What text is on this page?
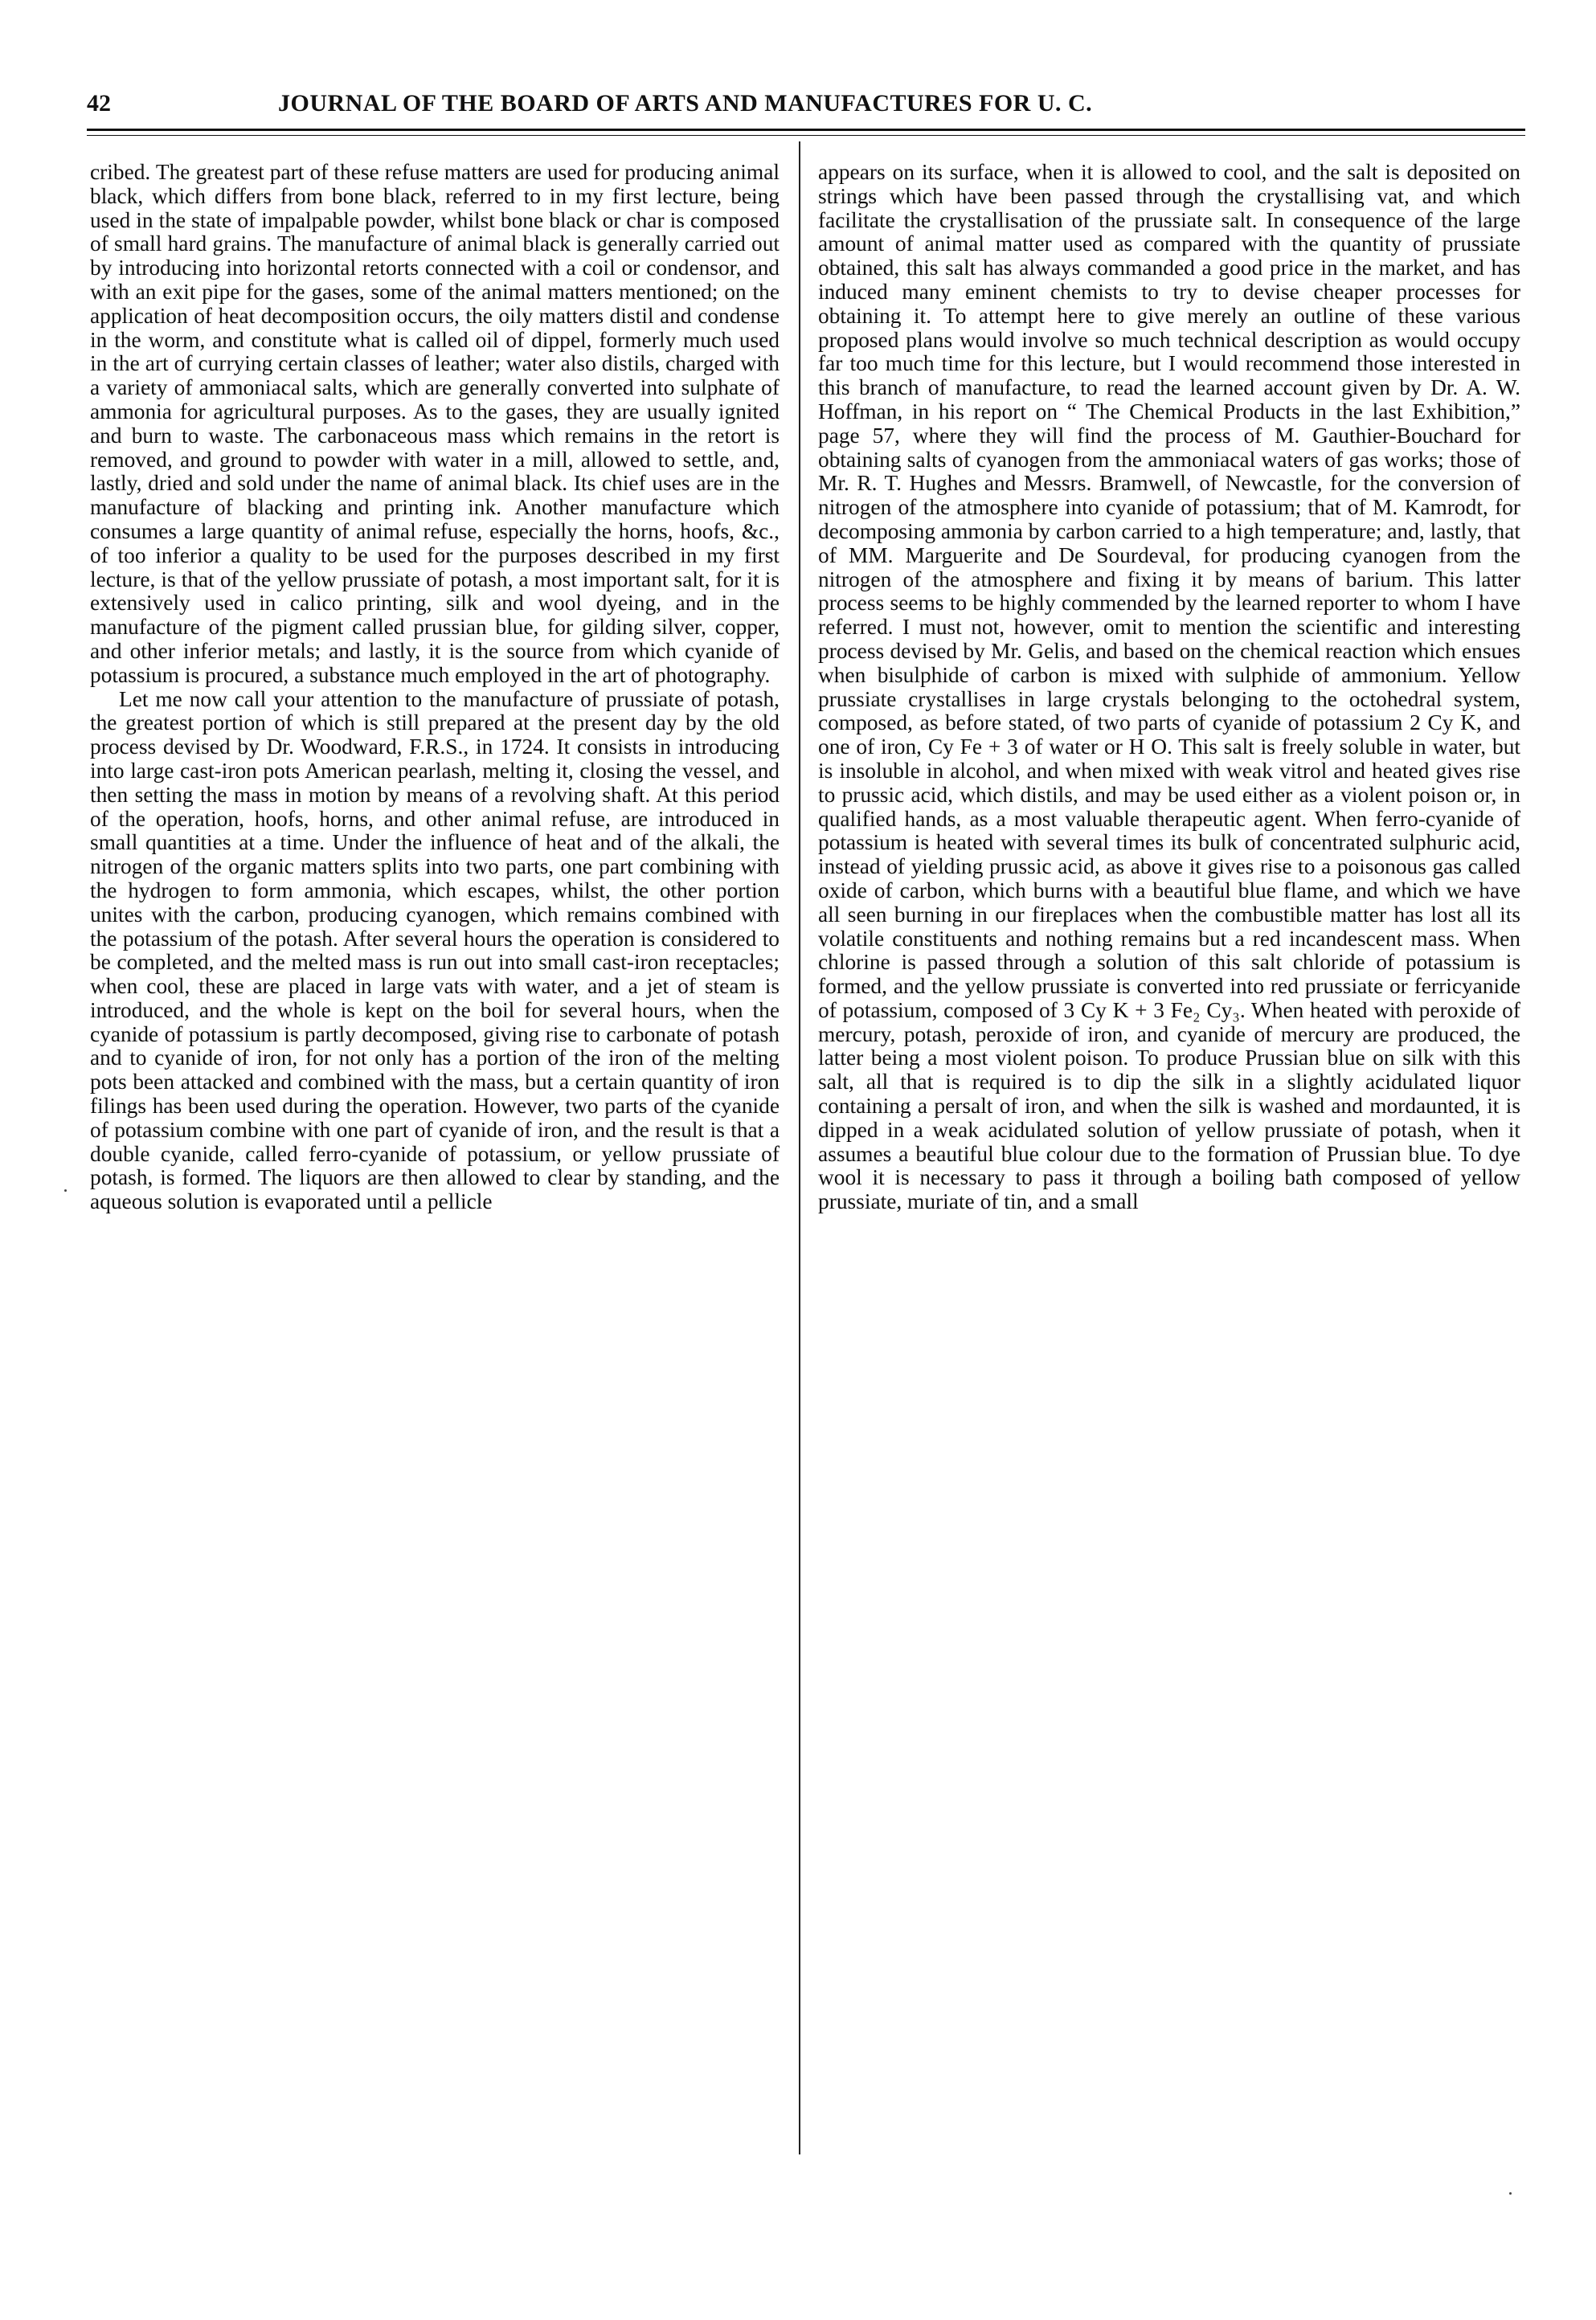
42	JOURNAL OF THE BOARD OF ARTS AND MANUFACTURES FOR U. C.

cribed. The greatest part of these refuse matters are used for producing animal black, which differs from bone black, referred to in my first lecture, being used in the state of impalpable powder, whilst bone black or char is composed of small hard grains. The manufacture of animal black is generally carried out by introducing into horizontal retorts connected with a coil or condensor, and with an exit pipe for the gases, some of the animal matters mentioned; on the application of heat decomposition occurs, the oily matters distil and condense in the worm, and constitute what is called oil of dippel, formerly much used in the art of currying certain classes of leather; water also distils, charged with a variety of ammoniacal salts, which are generally converted into sulphate of ammonia for agricultural purposes. As to the gases, they are usually ignited and burn to waste. The carbonaceous mass which remains in the retort is removed, and ground to powder with water in a mill, allowed to settle, and, lastly, dried and sold under the name of animal black. Its chief uses are in the manufacture of blacking and printing ink. Another manufacture which consumes a large quantity of animal refuse, especially the horns, hoofs, &c., of too inferior a quality to be used for the purposes described in my first lecture, is that of the yellow prussiate of potash, a most important salt, for it is extensively used in calico printing, silk and wool dyeing, and in the manufacture of the pigment called prussian blue, for gilding silver, copper, and other inferior metals; and lastly, it is the source from which cyanide of potassium is procured, a substance much employed in the art of photography.

Let me now call your attention to the manufacture of prussiate of potash, the greatest portion of which is still prepared at the present day by the old process devised by Dr. Woodward, F.R.S., in 1724. It consists in introducing into large cast-iron pots American pearlash, melting it, closing the vessel, and then setting the mass in motion by means of a revolving shaft. At this period of the operation, hoofs, horns, and other animal refuse, are introduced in small quantities at a time. Under the influence of heat and of the alkali, the nitrogen of the organic matters splits into two parts, one part combining with the hydrogen to form ammonia, which escapes, whilst, the other portion unites with the carbon, producing cyanogen, which remains combined with the potassium of the potash. After several hours the operation is considered to be completed, and the melted mass is run out into small cast-iron receptacles; when cool, these are placed in large vats with water, and a jet of steam is introduced, and the whole is kept on the boil for several hours, when the cyanide of potassium is partly decomposed, giving rise to carbonate of potash and to cyanide of iron, for not only has a portion of the iron of the melting pots been attacked and combined with the mass, but a certain quantity of iron filings has been used during the operation. However, two parts of the cyanide of potassium combine with one part of cyanide of iron, and the result is that a double cyanide, called ferro-cyanide of potassium, or yellow prussiate of potash, is formed. The liquors are then allowed to clear by standing, and the aqueous solution is evaporated until a pellicle

appears on its surface, when it is allowed to cool, and the salt is deposited on strings which have been passed through the crystallising vat, and which facilitate the crystallisation of the prussiate salt. In consequence of the large amount of animal matter used as compared with the quantity of prussiate obtained, this salt has always commanded a good price in the market, and has induced many eminent chemists to try to devise cheaper processes for obtaining it. To attempt here to give merely an outline of these various proposed plans would involve so much technical description as would occupy far too much time for this lecture, but I would recommend those interested in this branch of manufacture, to read the learned account given by Dr. A. W. Hoffman, in his report on “ The Chemical Products in the last Exhibition,” page 57, where they will find the process of M. Gauthier-Bouchard for obtaining salts of cyanogen from the ammoniacal waters of gas works; those of Mr. R. T. Hughes and Messrs. Bramwell, of Newcastle, for the conversion of nitrogen of the atmosphere into cyanide of potassium; that of M. Kamrodt, for decomposing ammonia by carbon carried to a high temperature; and, lastly, that of MM. Marguerite and De Sourdeval, for producing cyanogen from the nitrogen of the atmosphere and fixing it by means of barium. This latter process seems to be highly commended by the learned reporter to whom I have referred. I must not, however, omit to mention the scientific and interesting process devised by Mr. Gelis, and based on the chemical reaction which ensues when bisulphide of carbon is mixed with sulphide of ammonium. Yellow prussiate crystallises in large crystals belonging to the octohedral system, composed, as before stated, of two parts of cyanide of potassium 2 Cy K, and one of iron, Cy Fe + 3 of water or H O. This salt is freely soluble in water, but is insoluble in alcohol, and when mixed with weak vitrol and heated gives rise to prussic acid, which distils, and may be used either as a violent poison or, in qualified hands, as a most valuable therapeutic agent. When ferro-cyanide of potassium is heated with several times its bulk of concentrated sulphuric acid, instead of yielding prussic acid, as above it gives rise to a poisonous gas called oxide of carbon, which burns with a beautiful blue flame, and which we have all seen burning in our fireplaces when the combustible matter has lost all its volatile constituents and nothing remains but a red incandescent mass. When chlorine is passed through a solution of this salt chloride of potassium is formed, and the yellow prussiate is converted into red prussiate or ferricyanide of potassium, composed of 3 Cy K + 3 Fe₂ Cy₃. When heated with peroxide of mercury, potash, peroxide of iron, and cyanide of mercury are produced, the latter being a most violent poison. To produce Prussian blue on silk with this salt, all that is required is to dip the silk in a slightly acidulated liquor containing a persalt of iron, and when the silk is washed and mordaunted, it is dipped in a weak acidulated solution of yellow prussiate of potash, when it assumes a beautiful blue colour due to the formation of Prussian blue. To dye wool it is necessary to pass it through a boiling bath composed of yellow prussiate, muriate of tin, and a small
